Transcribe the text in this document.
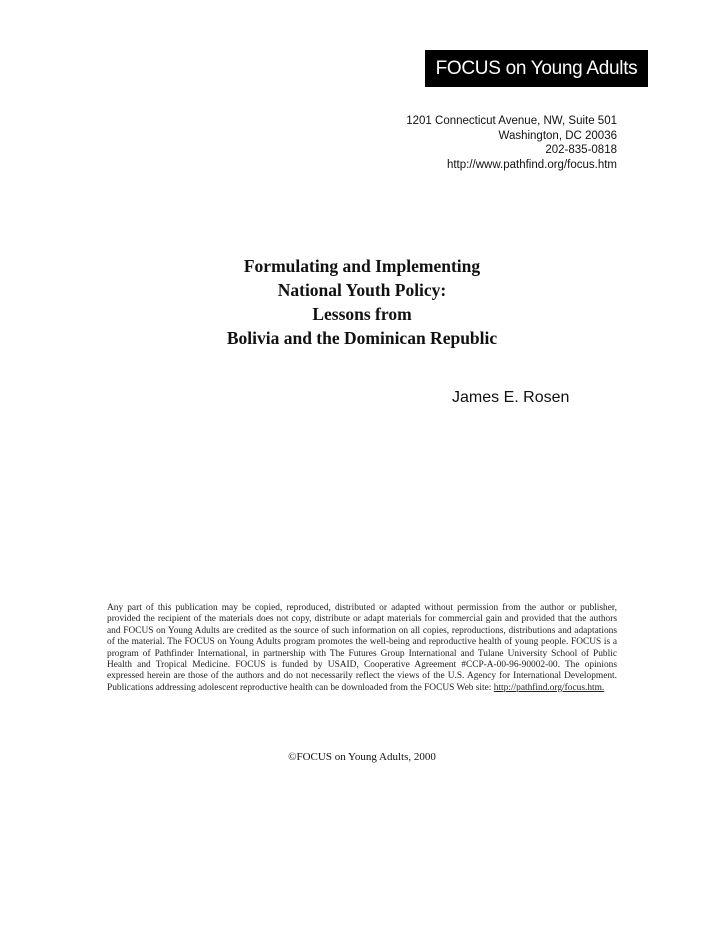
FOCUS on Young Adults
1201 Connecticut Avenue, NW, Suite 501
Washington, DC 20036
202-835-0818
http://www.pathfind.org/focus.htm
Formulating and Implementing
National Youth Policy:
Lessons from
Bolivia and the Dominican Republic
James E. Rosen
Any part of this publication may be copied, reproduced, distributed or adapted without permission from the author or publisher, provided the recipient of the materials does not copy, distribute or adapt materials for commercial gain and provided that the authors and FOCUS on Young Adults are credited as the source of such information on all copies, reproductions, distributions and adaptations of the material. The FOCUS on Young Adults program promotes the well-being and reproductive health of young people. FOCUS is a program of Pathfinder International, in partnership with The Futures Group International and Tulane University School of Public Health and Tropical Medicine. FOCUS is funded by USAID, Cooperative Agreement #CCP-A-00-96-90002-00. The opinions expressed herein are those of the authors and do not necessarily reflect the views of the U.S. Agency for International Development. Publications addressing adolescent reproductive health can be downloaded from the FOCUS Web site: http://pathfind.org/focus.htm.
©FOCUS on Young Adults, 2000
